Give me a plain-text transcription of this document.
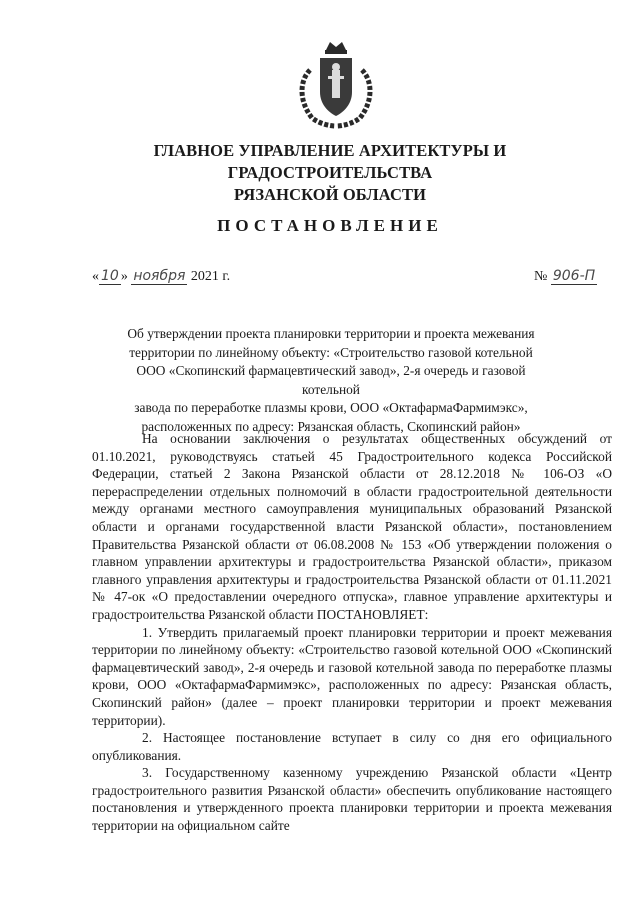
ГЛАВНОЕ УПРАВЛЕНИЕ АРХИТЕКТУРЫ И ГРАДОСТРОИТЕЛЬСТВА
РЯЗАНСКОЙ ОБЛАСТИ
ПОСТАНОВЛЕНИЕ
« 10 » ноября 2021 г.	№ 906-П
Об утверждении проекта планировки территории и проекта межевания
территории по линейному объекту: «Строительство газовой котельной
ООО «Скопинский фармацевтический завод», 2-я очередь и газовой котельной
завода по переработке плазмы крови, ООО «ОктафармаФармимэкс»,
расположенных по адресу: Рязанская область, Скопинский район»

На основании заключения о результатах общественных обсуждений от 01.10.2021, руководствуясь статьей 45 Градостроительного кодекса Российской Федерации, статьей 2 Закона Рязанской области от 28.12.2018 № 106-ОЗ «О перераспределении отдельных полномочий в области градостроительной деятельности между органами местного самоуправления муниципальных образований Рязанской области и органами государственной власти Рязанской области», постановлением Правительства Рязанской области от 06.08.2008 № 153 «Об утверждении положения о главном управлении архитектуры и градостроительства Рязанской области», приказом главного управления архитектуры и градостроительства Рязанской области от 01.11.2021 № 47-ок «О предоставлении очередного отпуска», главное управление архитектуры и градостроительства Рязанской области ПОСТАНОВЛЯЕТ:

1. Утвердить прилагаемый проект планировки территории и проект межевания территории по линейному объекту: «Строительство газовой котельной ООО «Скопинский фармацевтический завод», 2-я очередь и газовой котельной завода по переработке плазмы крови, ООО «ОктафармаФармимэкс», расположенных по адресу: Рязанская область, Скопинский район» (далее – проект планировки территории и проект межевания территории).

2. Настоящее постановление вступает в силу со дня его официального опубликования.

3. Государственному казенному учреждению Рязанской области «Центр градостроительного развития Рязанской области» обеспечить опубликование настоящего постановления и утвержденного проекта планировки территории и проекта межевания территории на официальном сайте
